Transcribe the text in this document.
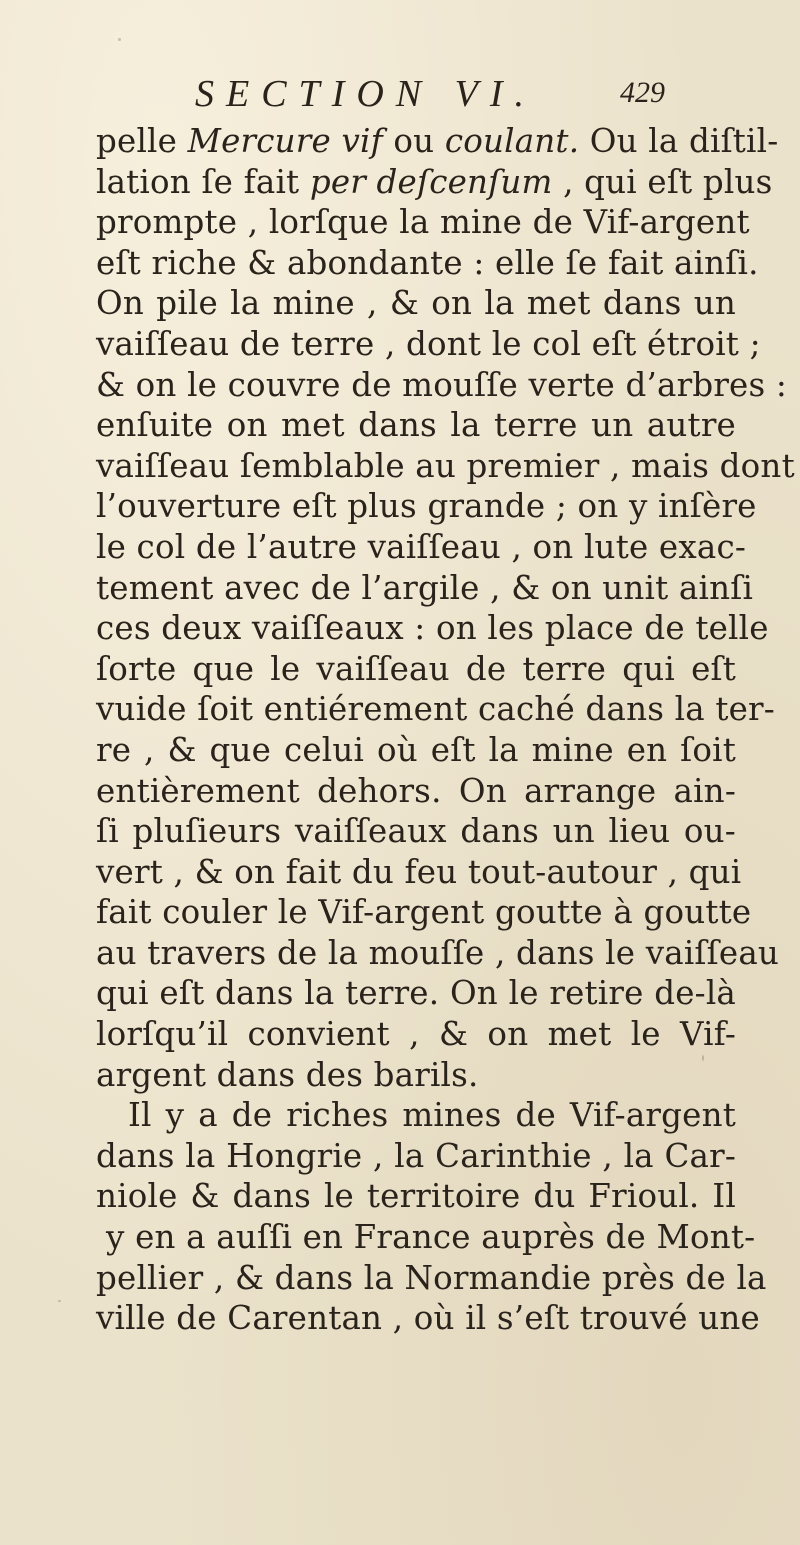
SECTION VI.	429
pelle Mercure vif ou coulant. Ou la diſtil-
lation ſe fait per deſcenſum , qui eſt plus
prompte , lorſque la mine de Vif-argent
eſt riche & abondante : elle ſe fait ainſi.
On pile la mine , & on la met dans un
vaiſſeau de terre , dont le col eſt étroit ;
& on le couvre de mouſſe verte d’arbres :
enſuite on met dans la terre un autre
vaiſſeau ſemblable au premier , mais dont
l’ouverture eſt plus grande ; on y inſère
le col de l’autre vaiſſeau , on lute exac-
tement avec de l’argile , & on unit ainſi
ces deux vaiſſeaux : on les place de telle
ſorte que le vaiſſeau de terre qui eſt
vuide ſoit entiérement caché dans la ter-
re , & que celui où eſt la mine en ſoit
entièrement dehors. On arrange ain-
ſi pluſieurs vaiſſeaux dans un lieu ou-
vert , & on fait du feu tout-autour , qui
fait couler le Vif-argent goutte à goutte
au travers de la mouſſe , dans le vaiſſeau
qui eſt dans la terre. On le retire de-là
lorſqu’il convient , & on met le Vif-
argent dans des barils.
Il y a de riches mines de Vif-argent
dans la Hongrie , la Carinthie , la Car-
niole & dans le territoire du Frioul. Il
y en a auſſi en France auprès de Mont-
pellier , & dans la Normandie près de la
ville de Carentan , où il s’eſt trouvé une
